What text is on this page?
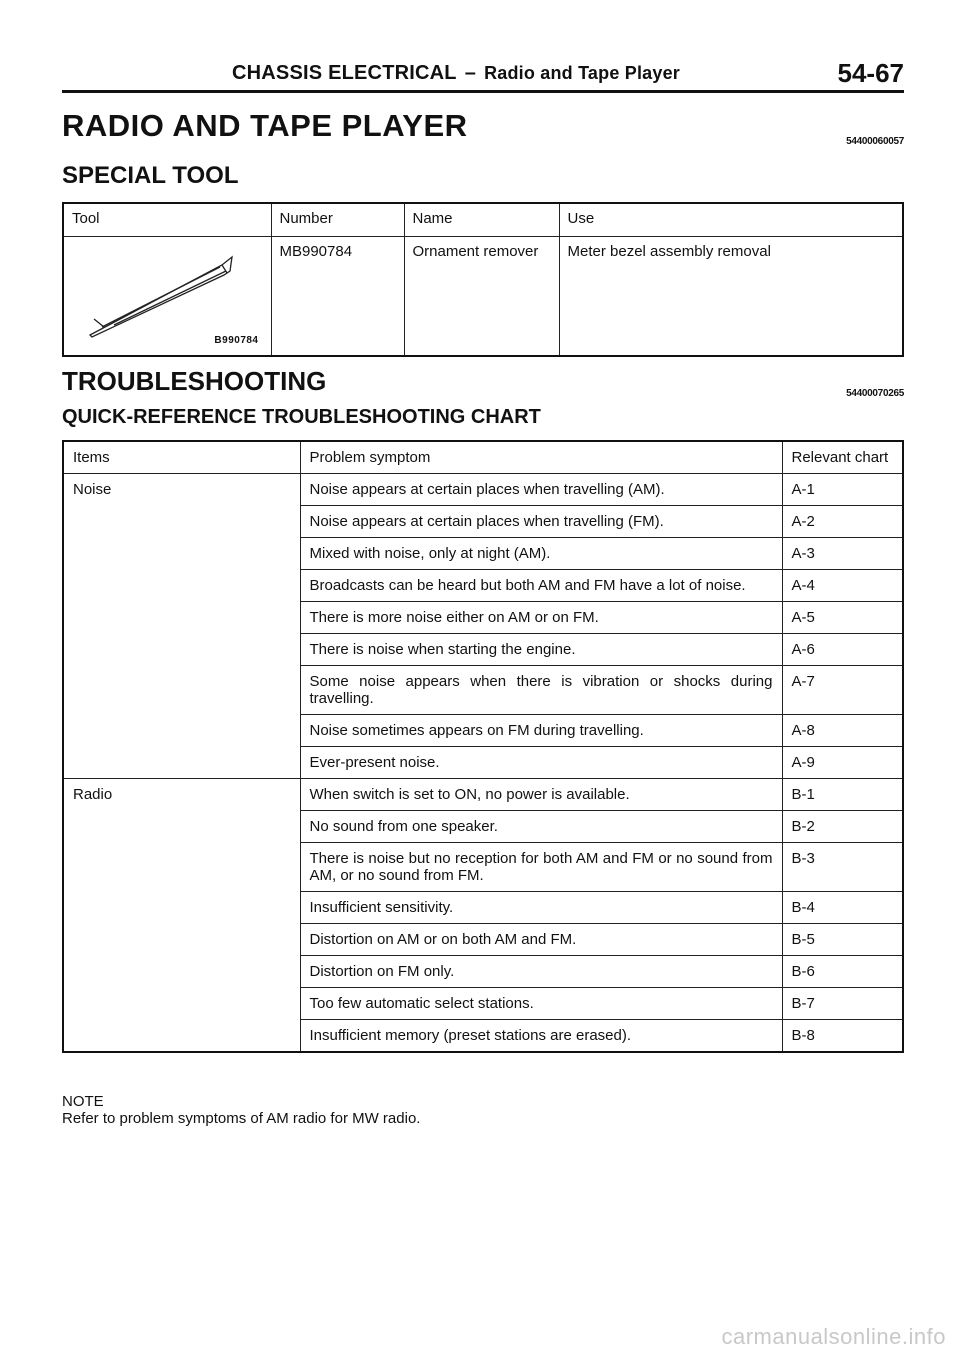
CHASSIS ELECTRICAL – Radio and Tape Player	54-67
RADIO AND TAPE PLAYER	54400060057
SPECIAL TOOL
Tool	Number	Name	Use

B990784	MB990784	Ornament remover	Meter bezel assembly removal
TROUBLESHOOTING	54400070265
QUICK-REFERENCE TROUBLESHOOTING CHART
Items	Problem symptom	Relevant chart
Noise	Noise appears at certain places when travelling (AM).	A-1
	Noise appears at certain places when travelling (FM).	A-2
	Mixed with noise, only at night (AM).	A-3
	Broadcasts can be heard but both AM and FM have a lot of noise.	A-4
	There is more noise either on AM or on FM.	A-5
	There is noise when starting the engine.	A-6
	Some noise appears when there is vibration or shocks during travelling.	A-7
	Noise sometimes appears on FM during travelling.	A-8
	Ever-present noise.	A-9
Radio	When switch is set to ON, no power is available.	B-1
	No sound from one speaker.	B-2
	There is noise but no reception for both AM and FM or no sound from AM, or no sound from FM.	B-3
	Insufficient sensitivity.	B-4
	Distortion on AM or on both AM and FM.	B-5
	Distortion on FM only.	B-6
	Too few automatic select stations.	B-7
	Insufficient memory (preset stations are erased).	B-8
NOTE
Refer to problem symptoms of AM radio for MW radio.
carmanualsonline.info
